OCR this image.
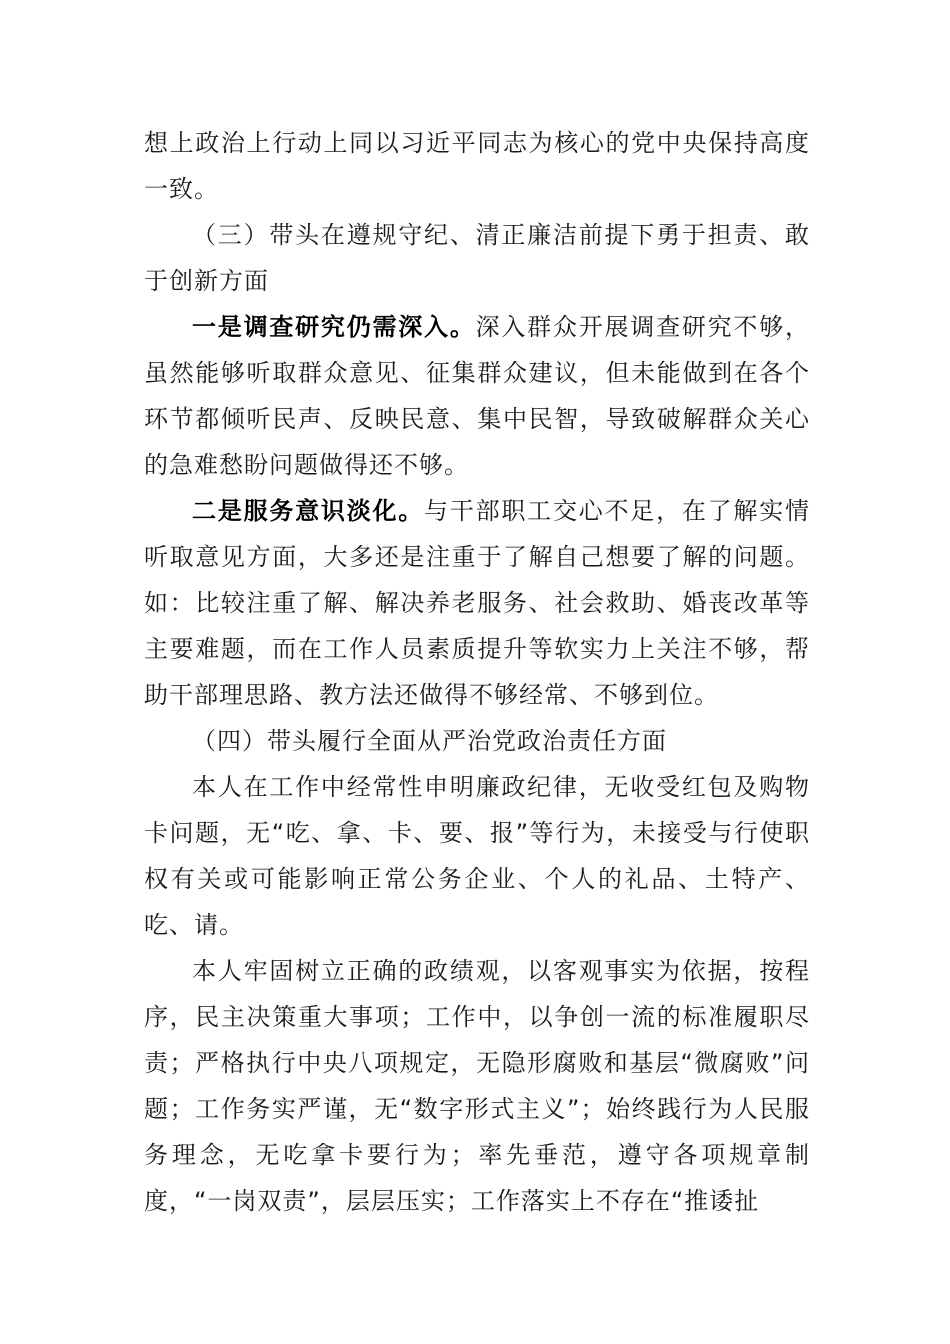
想上政治上行动上同以习近平同志为核心的党中央保持高度一致。

（三）带头在遵规守纪、清正廉洁前提下勇于担责、敢于创新方面

一是调查研究仍需深入。深入群众开展调查研究不够，虽然能够听取群众意见、征集群众建议，但未能做到在各个环节都倾听民声、反映民意、集中民智，导致破解群众关心的急难愁盼问题做得还不够。

二是服务意识淡化。与干部职工交心不足，在了解实情听取意见方面，大多还是注重于了解自己想要了解的问题。如：比较注重了解、解决养老服务、社会救助、婚丧改革等主要难题，而在工作人员素质提升等软实力上关注不够，帮助干部理思路、教方法还做得不够经常、不够到位。

（四）带头履行全面从严治党政治责任方面

本人在工作中经常性申明廉政纪律，无收受红包及购物卡问题，无“吃、拿、卡、要、报”等行为，未接受与行使职权有关或可能影响正常公务企业、个人的礼品、土特产、吃、请。

本人牢固树立正确的政绩观，以客观事实为依据，按程序，民主决策重大事项；工作中，以争创一流的标准履职尽责；严格执行中央八项规定，无隐形腐败和基层“微腐败”问题；工作务实严谨，无“数字形式主义”；始终践行为人民服务理念，无吃拿卡要行为；率先垂范，遵守各项规章制度，“一岗双责”，层层压实；工作落实上不存在“推诿扯
